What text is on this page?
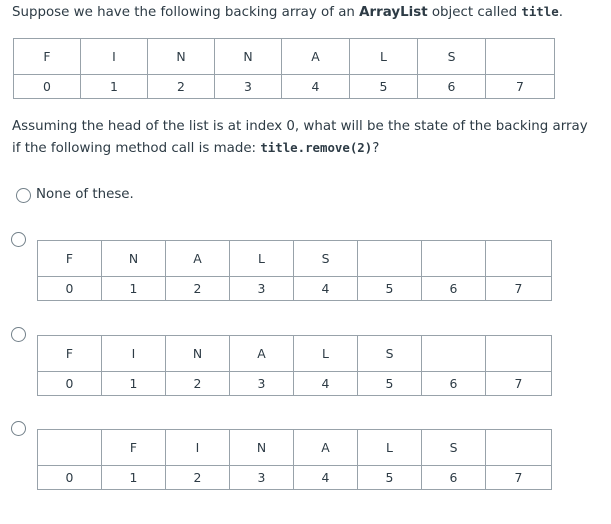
Suppose we have the following backing array of an ArrayList object called title.

F	I	N	N	A	L	S	
0	1	2	3	4	5	6	7
Assuming the head of the list is at index 0, what will be the state of the backing array
if the following method call is made: title.remove(2)?
None of these.
F	N	A	L	S			
0	1	2	3	4	5	6	7
F	I	N	A	L	S		
0	1	2	3	4	5	6	7
	F	I	N	A	L	S	
0	1	2	3	4	5	6	7
